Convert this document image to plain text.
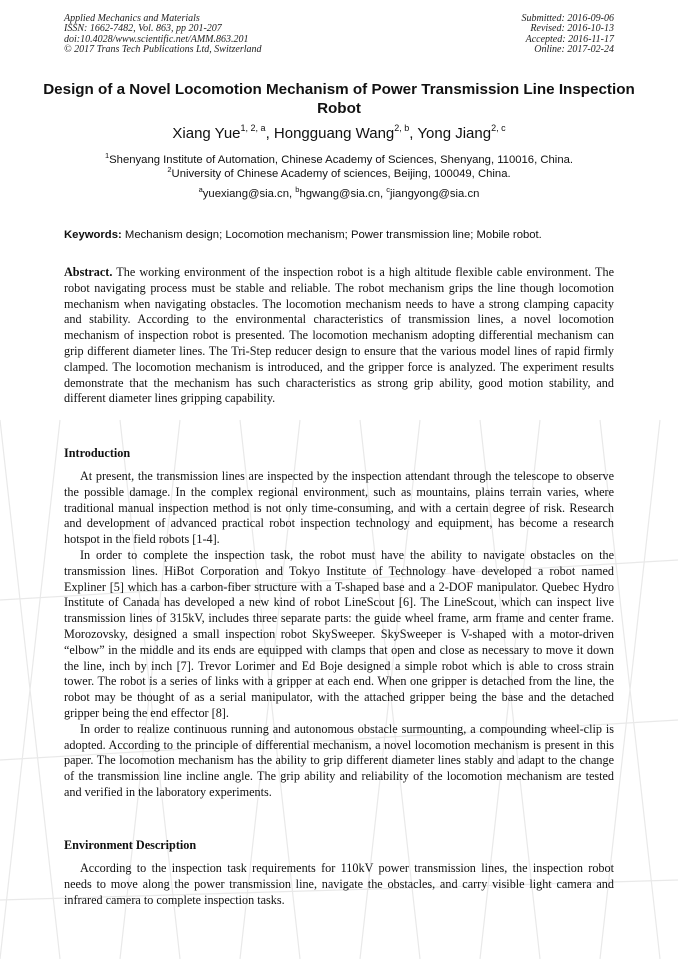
Applied Mechanics and Materials
ISSN: 1662-7482, Vol. 863, pp 201-207
doi:10.4028/www.scientific.net/AMM.863.201
© 2017 Trans Tech Publications Ltd, Switzerland
Submitted: 2016-09-06
Revised: 2016-10-13
Accepted: 2016-11-17
Online: 2017-02-24
Design of a Novel Locomotion Mechanism of Power Transmission Line Inspection Robot
Xiang Yue$^{1, 2, a}$, Hongguang Wang$^{2, b}$, Yong Jiang$^{2, c}$
$^1$Shenyang Institute of Automation, Chinese Academy of Sciences, Shenyang, 110016, China.
$^2$University of Chinese Academy of sciences, Beijing, 100049, China.
$^a$yuexiang@sia.cn, $^b$hgwang@sia.cn, $^c$jiangyong@sia.cn
Keywords: Mechanism design; Locomotion mechanism; Power transmission line; Mobile robot.

Abstract. The working environment of the inspection robot is a high altitude flexible cable environment. The robot navigating process must be stable and reliable. The robot mechanism grips the line though locomotion mechanism when navigating obstacles. The locomotion mechanism needs to have a strong clamping capacity and stability. According to the environmental characteristics of transmission lines, a novel locomotion mechanism of inspection robot is presented. The locomotion mechanism adopting differential mechanism can grip different diameter lines. The Tri-Step reducer design to ensure that the various model lines of rapid firmly clamped. The locomotion mechanism is introduced, and the gripper force is analyzed. The experiment results demonstrate that the mechanism has such characteristics as strong grip ability, good motion stability, and different diameter lines gripping capability.

Introduction

At present, the transmission lines are inspected by the inspection attendant through the telescope to observe the possible damage. In the complex regional environment, such as mountains, plains terrain varies, where traditional manual inspection method is not only time-consuming, and with a certain degree of risk. Research and development of advanced practical robot inspection technology and equipment, has become a research hotspot in the field robots [1-4].

In order to complete the inspection task, the robot must have the ability to navigate obstacles on the transmission lines. HiBot Corporation and Tokyo Institute of Technology have developed a robot named Expliner [5] which has a carbon-fiber structure with a T-shaped base and a 2-DOF manipulator. Quebec Hydro Institute of Canada has developed a new kind of robot LineScout [6]. The LineScout, which can inspect live transmission lines of 315kV, includes three separate parts: the guide wheel frame, arm frame and center frame. Morozovsky, designed a small inspection robot SkySweeper. SkySweeper is V-shaped with a motor-driven “elbow” in the middle and its ends are equipped with clamps that open and close as necessary to move it down the line, inch by inch [7]. Trevor Lorimer and Ed Boje designed a simple robot which is able to cross strain tower. The robot is a series of links with a gripper at each end. When one gripper is detached from the line, the robot may be thought of as a serial manipulator, with the attached gripper being the base and the detached gripper being the end effector [8].

In order to realize continuous running and autonomous obstacle surmounting, a compounding wheel-clip is adopted. According to the principle of differential mechanism, a novel locomotion mechanism is present in this paper. The locomotion mechanism has the ability to grip different diameter lines stably and adapt to the change of the transmission line incline angle. The grip ability and reliability of the locomotion mechanism are tested and verified in the laboratory experiments.

Environment Description

According to the inspection task requirements for 110kV power transmission lines, the inspection robot needs to move along the power transmission line, navigate the obstacles, and carry visible light camera and infrared camera to complete inspection tasks.
